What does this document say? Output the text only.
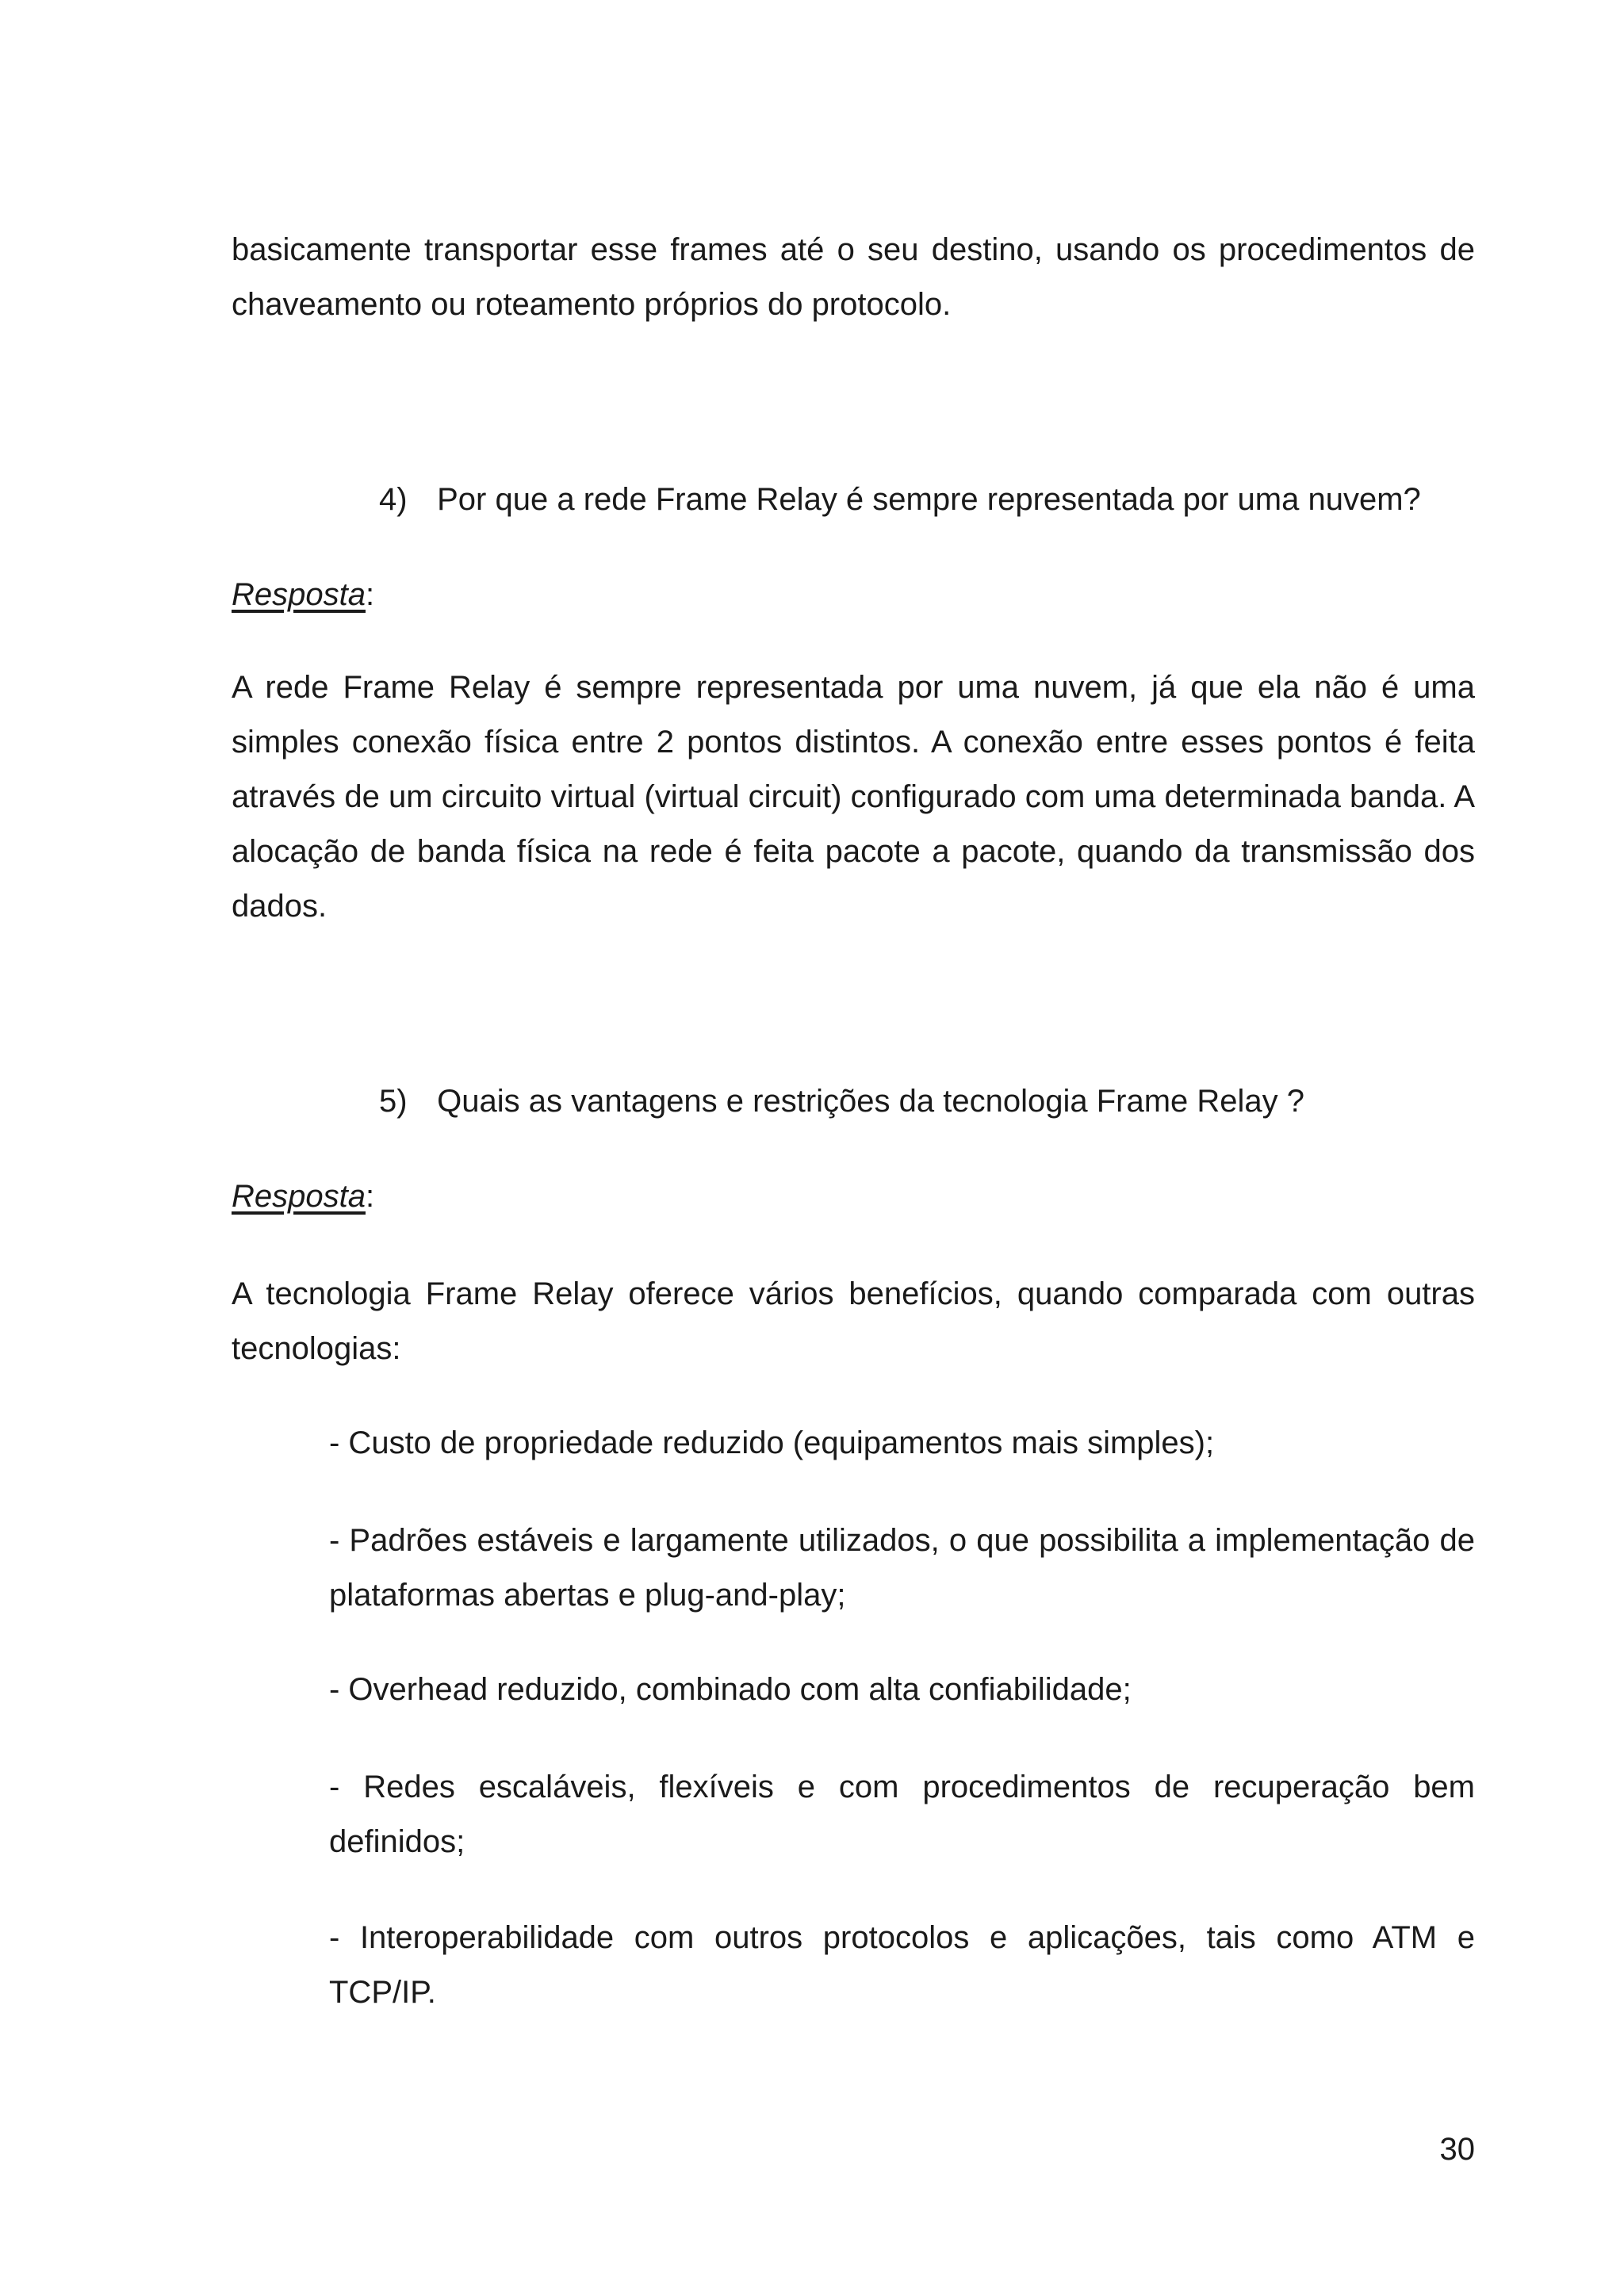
basicamente transportar esse frames até o seu destino, usando os procedimentos de chaveamento ou roteamento próprios do protocolo.

4) Por que a rede Frame Relay é sempre representada por uma nuvem?

Resposta:

A rede Frame Relay é sempre representada por uma nuvem, já que ela não é uma simples conexão física entre 2 pontos distintos. A conexão entre esses pontos é feita através de um circuito virtual (virtual circuit) configurado com uma determinada banda. A alocação de banda física na rede é feita pacote a pacote, quando da transmissão dos dados.

5) Quais as vantagens e restrições da tecnologia Frame Relay ?

Resposta:

A tecnologia Frame Relay oferece vários benefícios, quando comparada com outras tecnologias:

- Custo de propriedade reduzido (equipamentos mais simples);

- Padrões estáveis e largamente utilizados, o que possibilita a implementação de plataformas abertas e plug-and-play;

- Overhead reduzido, combinado com alta confiabilidade;

- Redes escaláveis, flexíveis e com procedimentos de recuperação bem definidos;

- Interoperabilidade com outros protocolos e aplicações, tais como ATM e TCP/IP.

30
